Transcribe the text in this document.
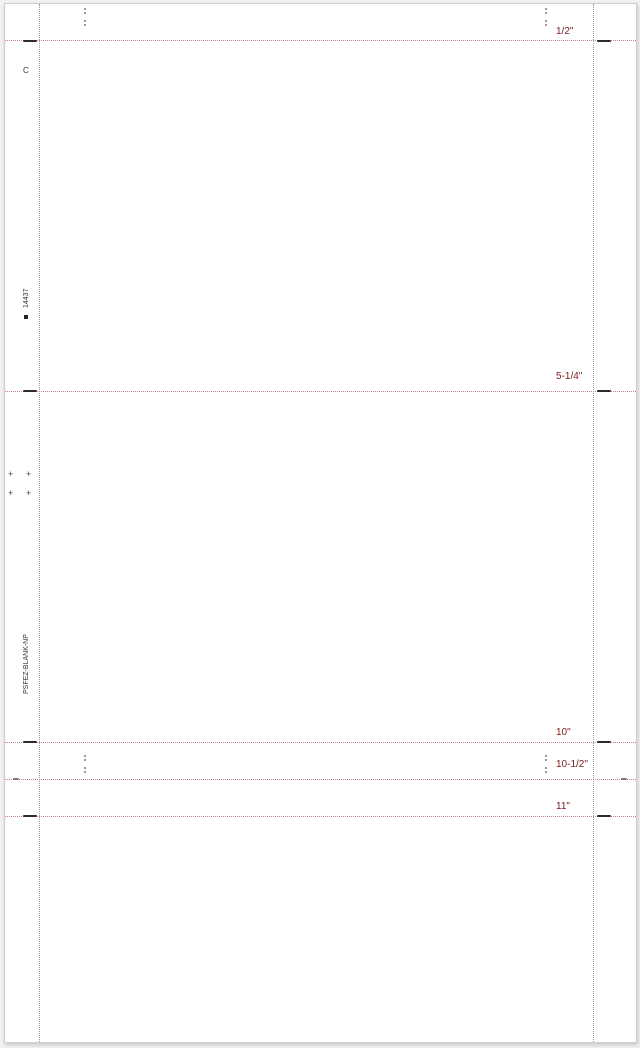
1/2"
5-1/4"
10"
10-1/2"
11"
C
14437
+ +
+ +
PSFEZ-BLANK-NP
